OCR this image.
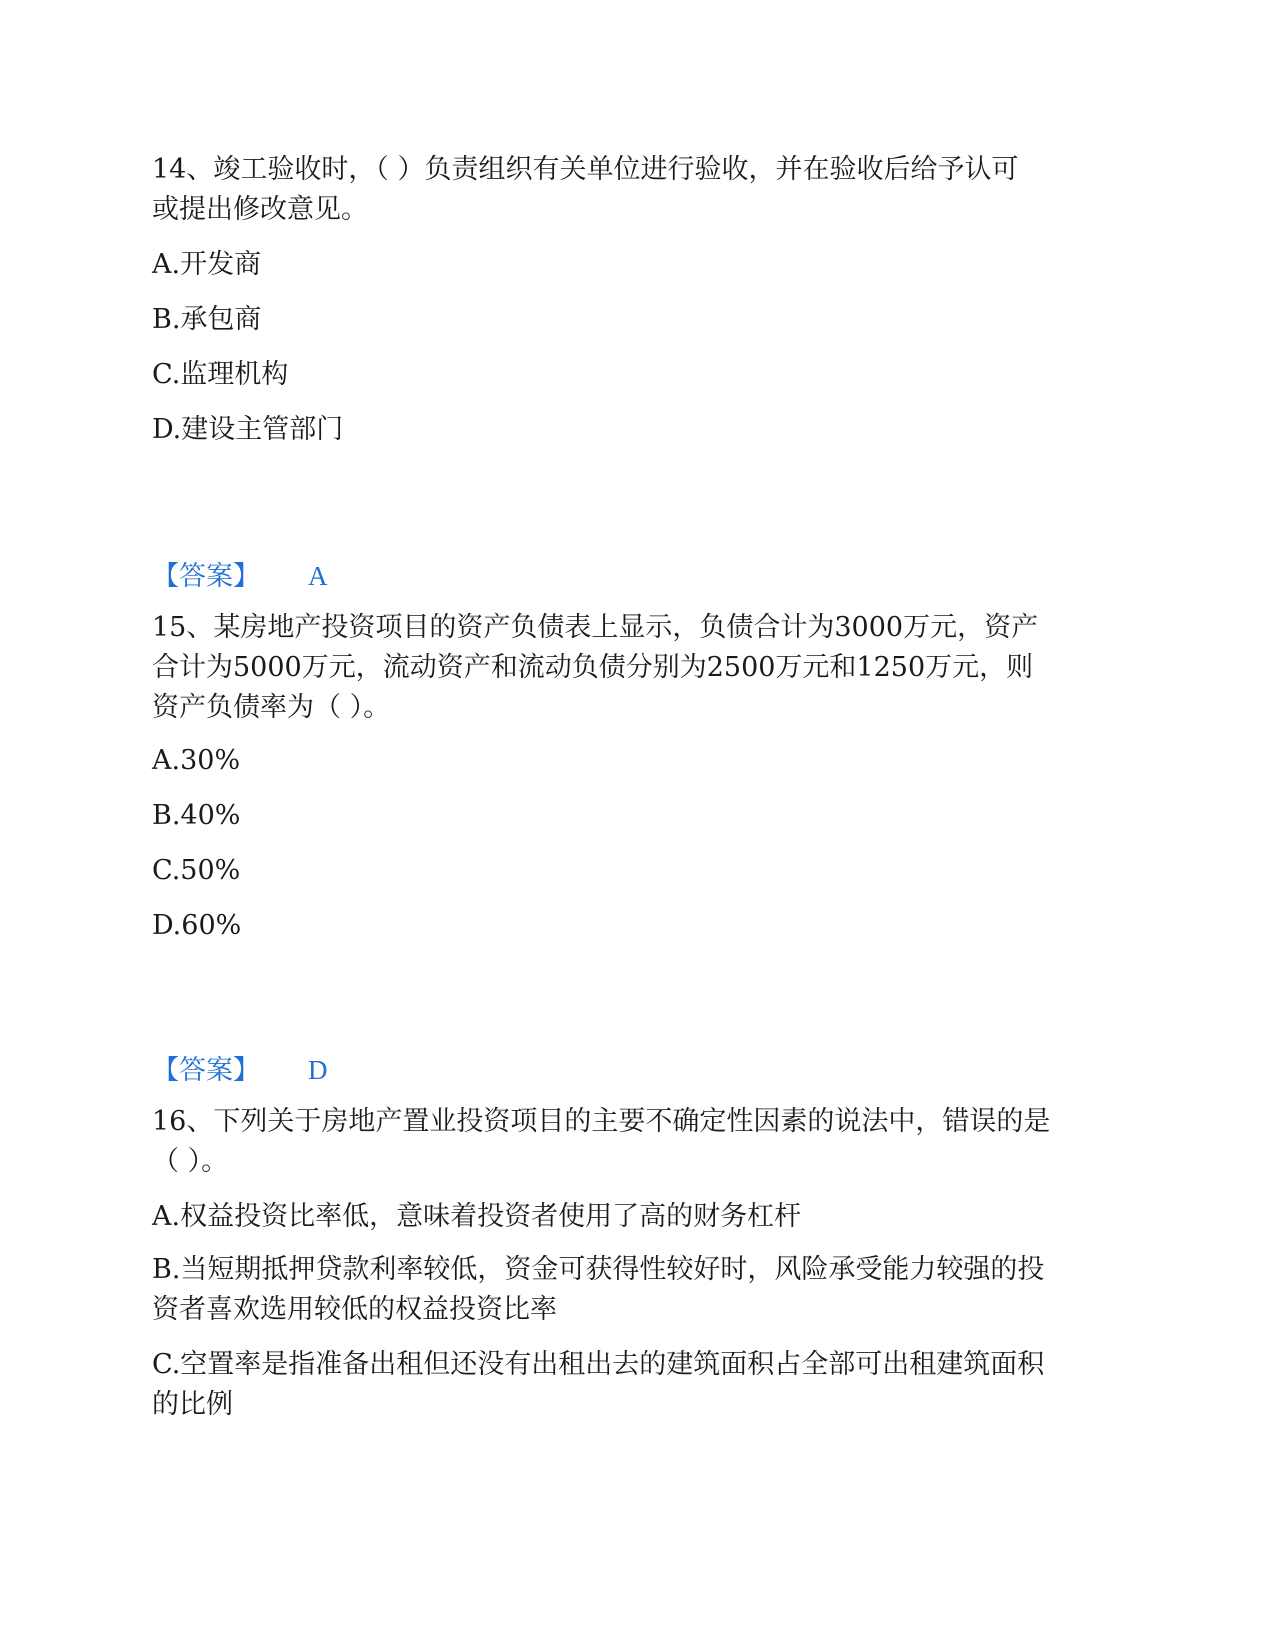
14、竣工验收时，（ ）负责组织有关单位进行验收，并在验收后给予认可
或提出修改意见。
A.开发商
B.承包商
C.监理机构
D.建设主管部门
【答案】 A
15、某房地产投资项目的资产负债表上显示，负债合计为3000万元，资产
合计为5000万元，流动资产和流动负债分别为2500万元和1250万元，则
资产负债率为（ ）。
A.30%
B.40%
C.50%
D.60%
【答案】 D
16、下列关于房地产置业投资项目的主要不确定性因素的说法中，错误的是
（ ）。
A.权益投资比率低，意味着投资者使用了高的财务杠杆
B.当短期抵押贷款利率较低，资金可获得性较好时，风险承受能力较强的投
资者喜欢选用较低的权益投资比率
C.空置率是指准备出租但还没有出租出去的建筑面积占全部可出租建筑面积
的比例
